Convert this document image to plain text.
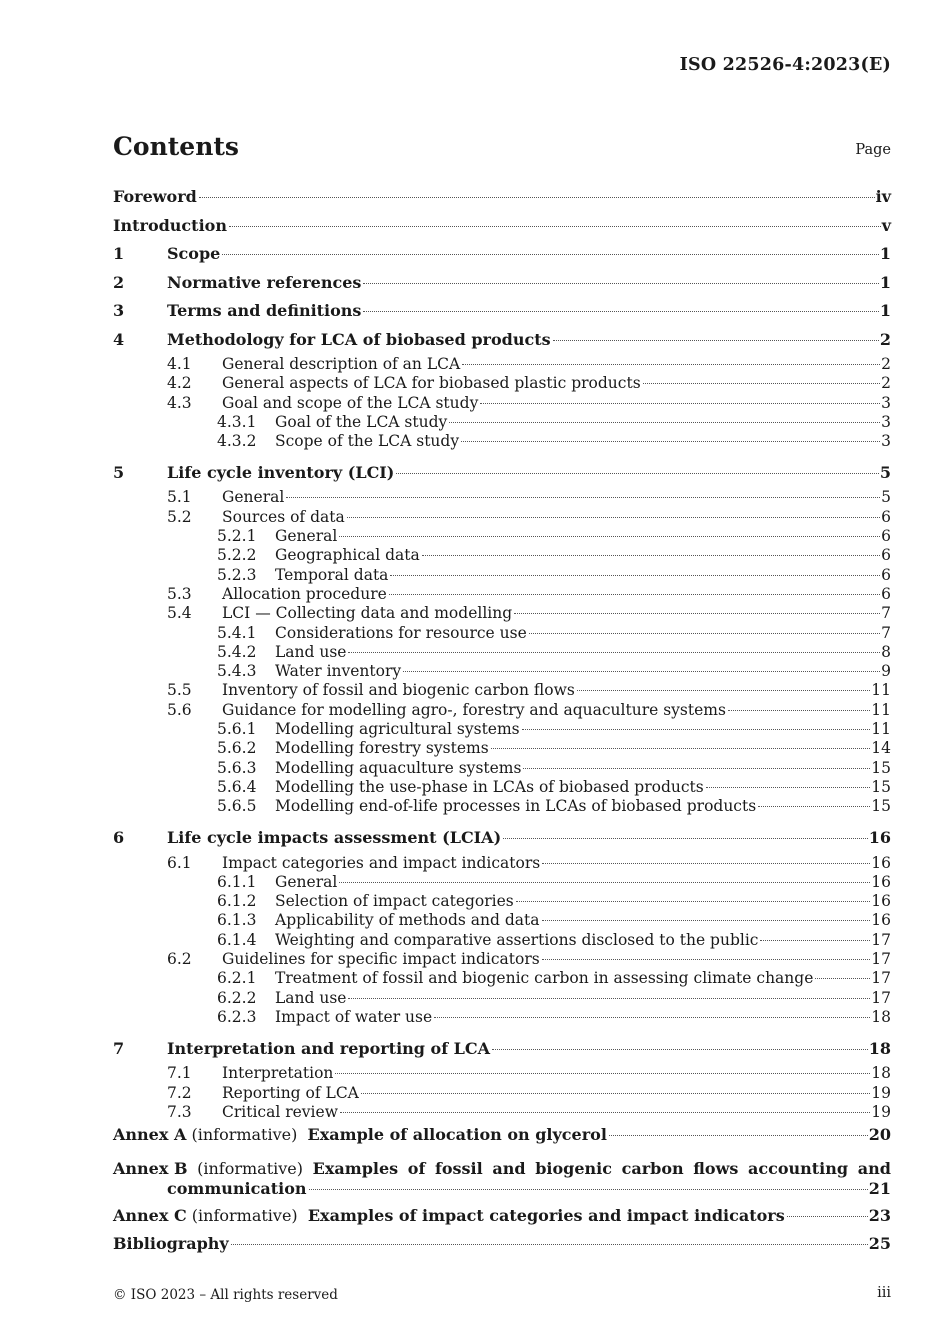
ISO 22526-4:2023(E)
Contents	Page
Foreword	iv
Introduction	v
1	Scope	1
2	Normative references	1
3	Terms and definitions	1
4	Methodology for LCA of biobased products	2
4.1	General description of an LCA	2
4.2	General aspects of LCA for biobased plastic products	2
4.3	Goal and scope of the LCA study	3
4.3.1	Goal of the LCA study	3
4.3.2	Scope of the LCA study	3
5	Life cycle inventory (LCI)	5
5.1	General	5
5.2	Sources of data	6
5.2.1	General	6
5.2.2	Geographical data	6
5.2.3	Temporal data	6
5.3	Allocation procedure	6
5.4	LCI — Collecting data and modelling	7
5.4.1	Considerations for resource use	7
5.4.2	Land use	8
5.4.3	Water inventory	9
5.5	Inventory of fossil and biogenic carbon flows	11
5.6	Guidance for modelling agro-, forestry and aquaculture systems	11
5.6.1	Modelling agricultural systems	11
5.6.2	Modelling forestry systems	14
5.6.3	Modelling aquaculture systems	15
5.6.4	Modelling the use-phase in LCAs of biobased products	15
5.6.5	Modelling end-of-life processes in LCAs of biobased products	15
6	Life cycle impacts assessment (LCIA)	16
6.1	Impact categories and impact indicators	16
6.1.1	General	16
6.1.2	Selection of impact categories	16
6.1.3	Applicability of methods and data	16
6.1.4	Weighting and comparative assertions disclosed to the public	17
6.2	Guidelines for specific impact indicators	17
6.2.1	Treatment of fossil and biogenic carbon in assessing climate change	17
6.2.2	Land use	17
6.2.3	Impact of water use	18
7	Interpretation and reporting of LCA	18
7.1	Interpretation	18
7.2	Reporting of LCA	19
7.3	Critical review	19
Annex A (informative)  Example of allocation on glycerol	20
Annex B (informative) Examples of fossil and biogenic carbon flows accounting and
communication	21
Annex C (informative)  Examples of impact categories and impact indicators	23
Bibliography	25
© ISO 2023 – All rights reserved	iii
